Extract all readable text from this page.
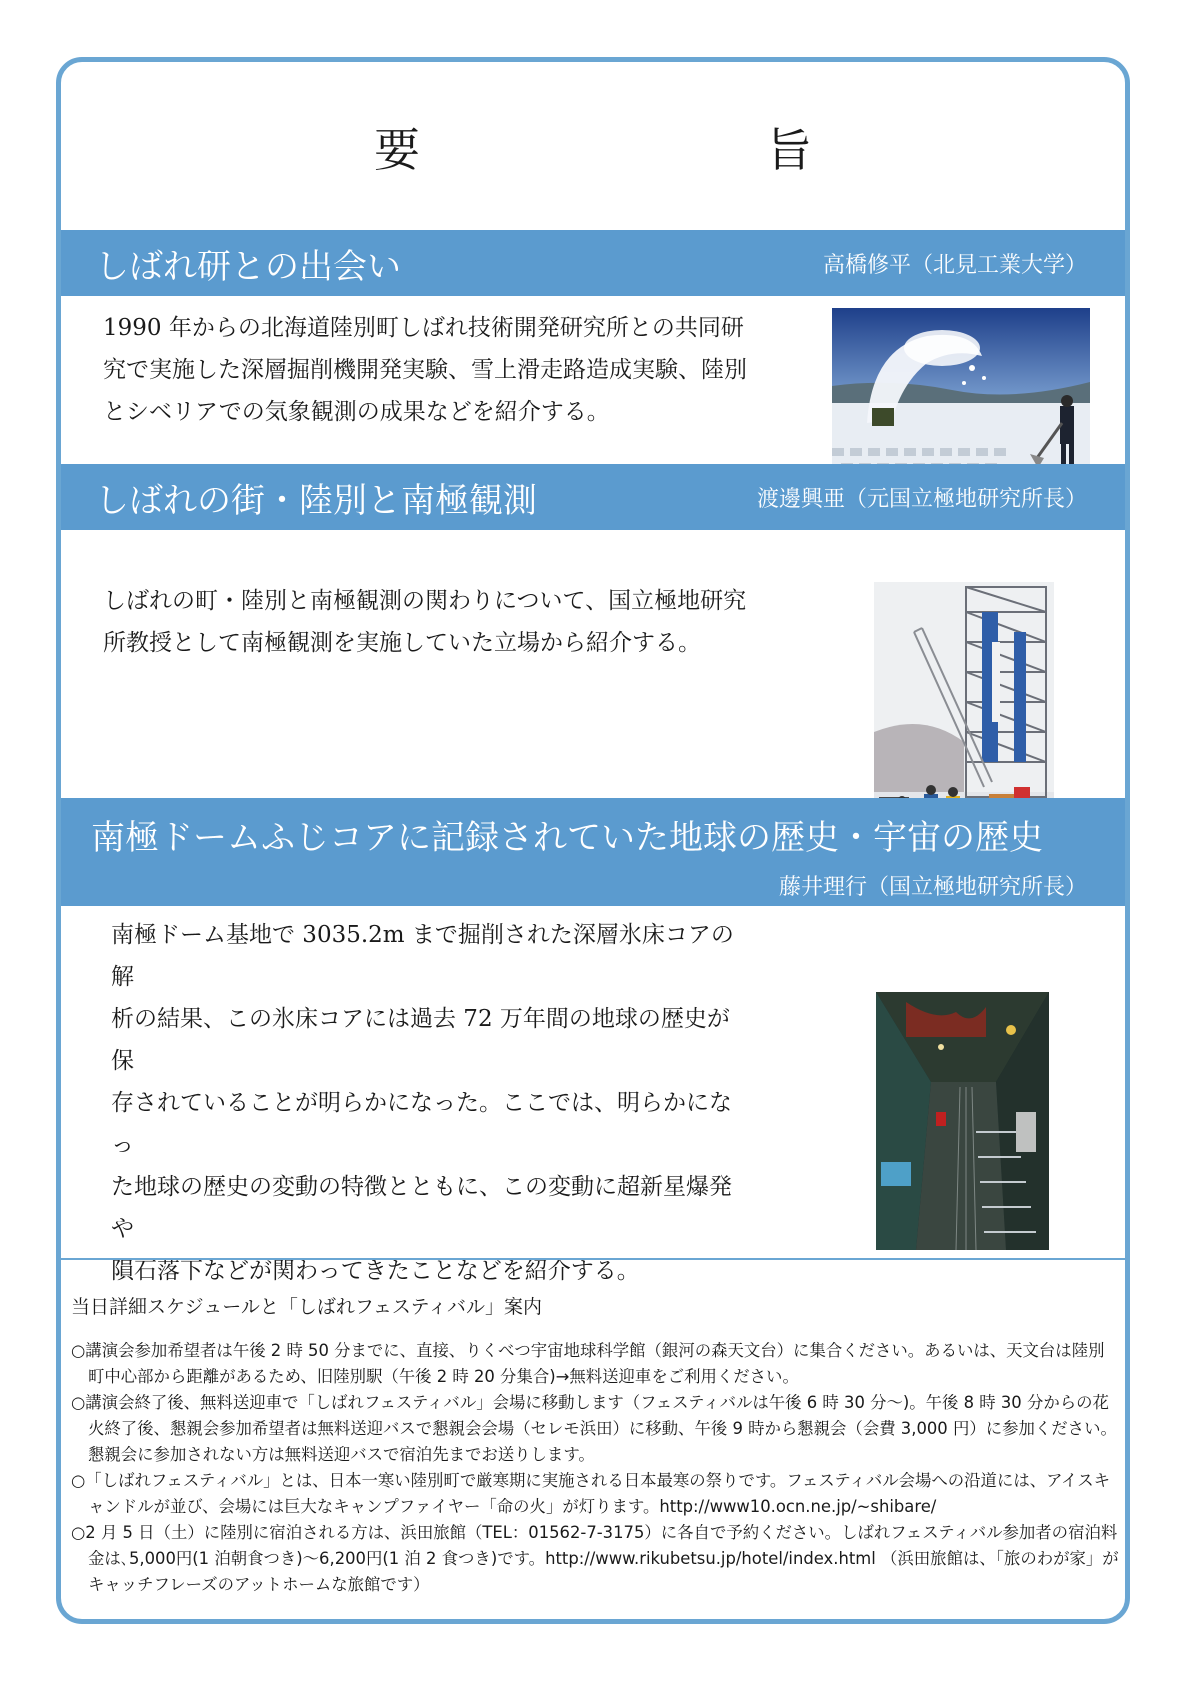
要　旨
しばれ研との出会い	高橋修平（北見工業大学）
1990 年からの北海道陸別町しばれ技術開発研究所との共同研
究で実施した深層掘削機開発実験、雪上滑走路造成実験、陸別
とシベリアでの気象観測の成果などを紹介する。
しばれの街・陸別と南極観測	渡邊興亜（元国立極地研究所長）
しばれの町・陸別と南極観測の関わりについて、国立極地研究
所教授として南極観測を実施していた立場から紹介する。
南極ドームふじコアに記録されていた地球の歴史・宇宙の歴史
藤井理行（国立極地研究所長）
南極ドーム基地で 3035.2m まで掘削された深層氷床コアの解
析の結果、この氷床コアには過去 72 万年間の地球の歴史が保
存されていることが明らかになった。ここでは、明らかになっ
た地球の歴史の変動の特徴とともに、この変動に超新星爆発や
隕石落下などが関わってきたことなどを紹介する。
当日詳細スケジュールと「しばれフェスティバル」案内
○講演会参加希望者は午後 2 時 50 分までに、直接、りくべつ宇宙地球科学館（銀河の森天文台）に集合ください。あるいは、天文台は陸別町中心部から距離があるため、旧陸別駅（午後 2 時 20 分集合)→無料送迎車をご利用ください。
○講演会終了後、無料送迎車で「しばれフェスティバル」会場に移動します（フェスティバルは午後 6 時 30 分〜)。午後 8 時 30 分からの花火終了後、懇親会参加希望者は無料送迎バスで懇親会会場（セレモ浜田）に移動、午後 9 時から懇親会（会費 3,000 円）に参加ください。懇親会に参加されない方は無料送迎バスで宿泊先までお送りします。
○「しばれフェスティバル」とは、日本一寒い陸別町で厳寒期に実施される日本最寒の祭りです。フェスティバル会場への沿道には、アイスキャンドルが並び、会場には巨大なキャンプファイヤー「命の火」が灯ります。http://www10.ocn.ne.jp/~shibare/
○2 月 5 日（土）に陸別に宿泊される方は、浜田旅館（TEL：01562-7-3175）に各自で予約ください。しばれフェスティバル参加者の宿泊料金は､5,000円(1 泊朝食つき)〜6,200円(1 泊 2 食つき)です。http://www.rikubetsu.jp/hotel/index.html （浜田旅館は、「旅のわが家」がキャッチフレーズのアットホームな旅館です）
